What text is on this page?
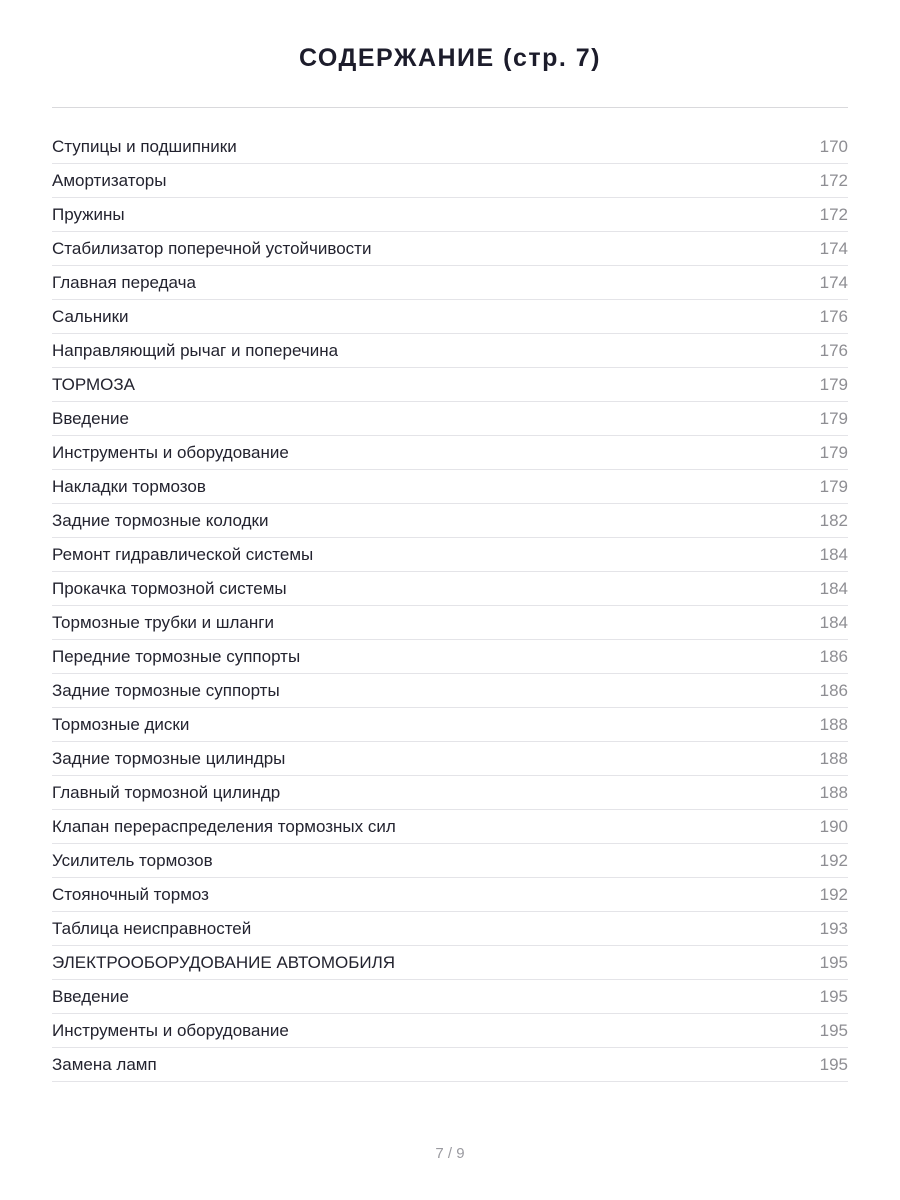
СОДЕРЖАНИЕ (стр. 7)
Ступицы и подшипники	170
Амортизаторы	172
Пружины	172
Стабилизатор поперечной устойчивости	174
Главная передача	174
Сальники	176
Направляющий рычаг и поперечина	176
ТОРМОЗА	179
Введение	179
Инструменты и оборудование	179
Накладки тормозов	179
Задние тормозные колодки	182
Ремонт гидравлической системы	184
Прокачка тормозной системы	184
Тормозные трубки и шланги	184
Передние тормозные суппорты	186
Задние тормозные суппорты	186
Тормозные диски	188
Задние тормозные цилиндры	188
Главный тормозной цилиндр	188
Клапан перераспределения тормозных сил	190
Усилитель тормозов	192
Стояночный тормоз	192
Таблица неисправностей	193
ЭЛЕКТРООБОРУДОВАНИЕ АВТОМОБИЛЯ	195
Введение	195
Инструменты и оборудование	195
Замена ламп	195
7 / 9
